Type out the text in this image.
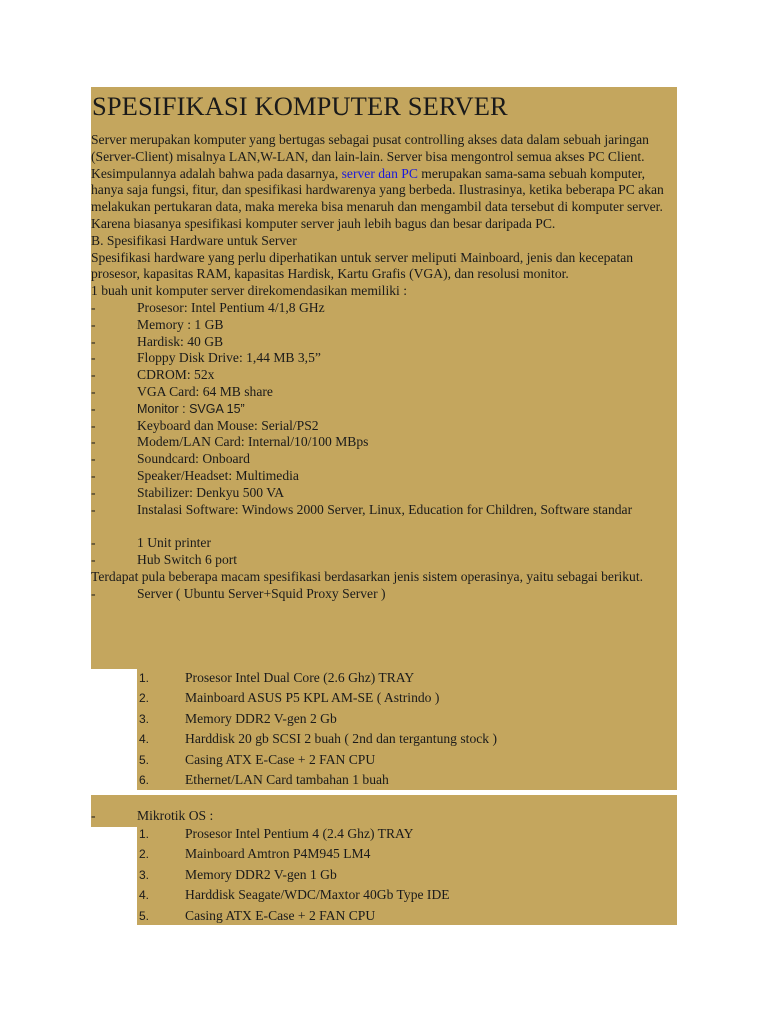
SPESIFIKASI KOMPUTER SERVER

Server merupakan komputer yang bertugas sebagai pusat controlling akses data dalam sebuah jaringan (Server-Client) misalnya LAN,W-LAN, dan lain-lain. Server bisa mengontrol semua akses PC Client.

Kesimpulannya adalah bahwa pada dasarnya, server dan PC merupakan sama-sama sebuah komputer, hanya saja fungsi, fitur, dan spesifikasi hardwarenya yang berbeda. Ilustrasinya, ketika beberapa PC akan melakukan pertukaran data, maka mereka bisa menaruh dan mengambil data tersebut di komputer server. Karena biasanya spesifikasi komputer server jauh lebih bagus dan besar daripada PC.

B. Spesifikasi Hardware untuk Server

Spesifikasi hardware yang perlu diperhatikan untuk server meliputi Mainboard, jenis dan kecepatan prosesor, kapasitas RAM, kapasitas Hardisk, Kartu Grafis (VGA), dan resolusi monitor.

1 buah unit komputer server direkomendasikan memiliki :

-	Prosesor: Intel Pentium 4/1,8 GHz
-	Memory : 1 GB
-	Hardisk: 40 GB
-	Floppy Disk Drive: 1,44 MB 3,5”
-	CDROM: 52x
-	VGA Card: 64 MB share
-	Monitor : SVGA 15”
-	Keyboard dan Mouse: Serial/PS2
-	Modem/LAN Card: Internal/10/100 MBps
-	Soundcard: Onboard
-	Speaker/Headset: Multimedia
-	Stabilizer: Denkyu 500 VA
-	Instalasi Software: Windows 2000 Server, Linux, Education for Children, Software standar
-	1 Unit printer
-	Hub Switch 6 port

Terdapat pula beberapa macam spesifikasi berdasarkan jenis sistem operasinya, yaitu sebagai berikut.

-	Server ( Ubuntu Server+Squid Proxy Server )
1.	Prosesor Intel Dual Core (2.6 Ghz) TRAY
2.	Mainboard ASUS P5 KPL AM-SE ( Astrindo )
3.	Memory DDR2 V-gen 2 Gb
4.	Harddisk 20 gb SCSI 2 buah ( 2nd dan tergantung stock )
5.	Casing ATX E-Case + 2 FAN CPU
6.	Ethernet/LAN Card tambahan 1 buah
-	Mikrotik OS :
1.	Prosesor Intel Pentium 4 (2.4 Ghz) TRAY
2.	Mainboard Amtron P4M945 LM4
3.	Memory DDR2 V-gen 1 Gb
4.	Harddisk Seagate/WDC/Maxtor 40Gb Type IDE
5.	Casing ATX E-Case + 2 FAN CPU
